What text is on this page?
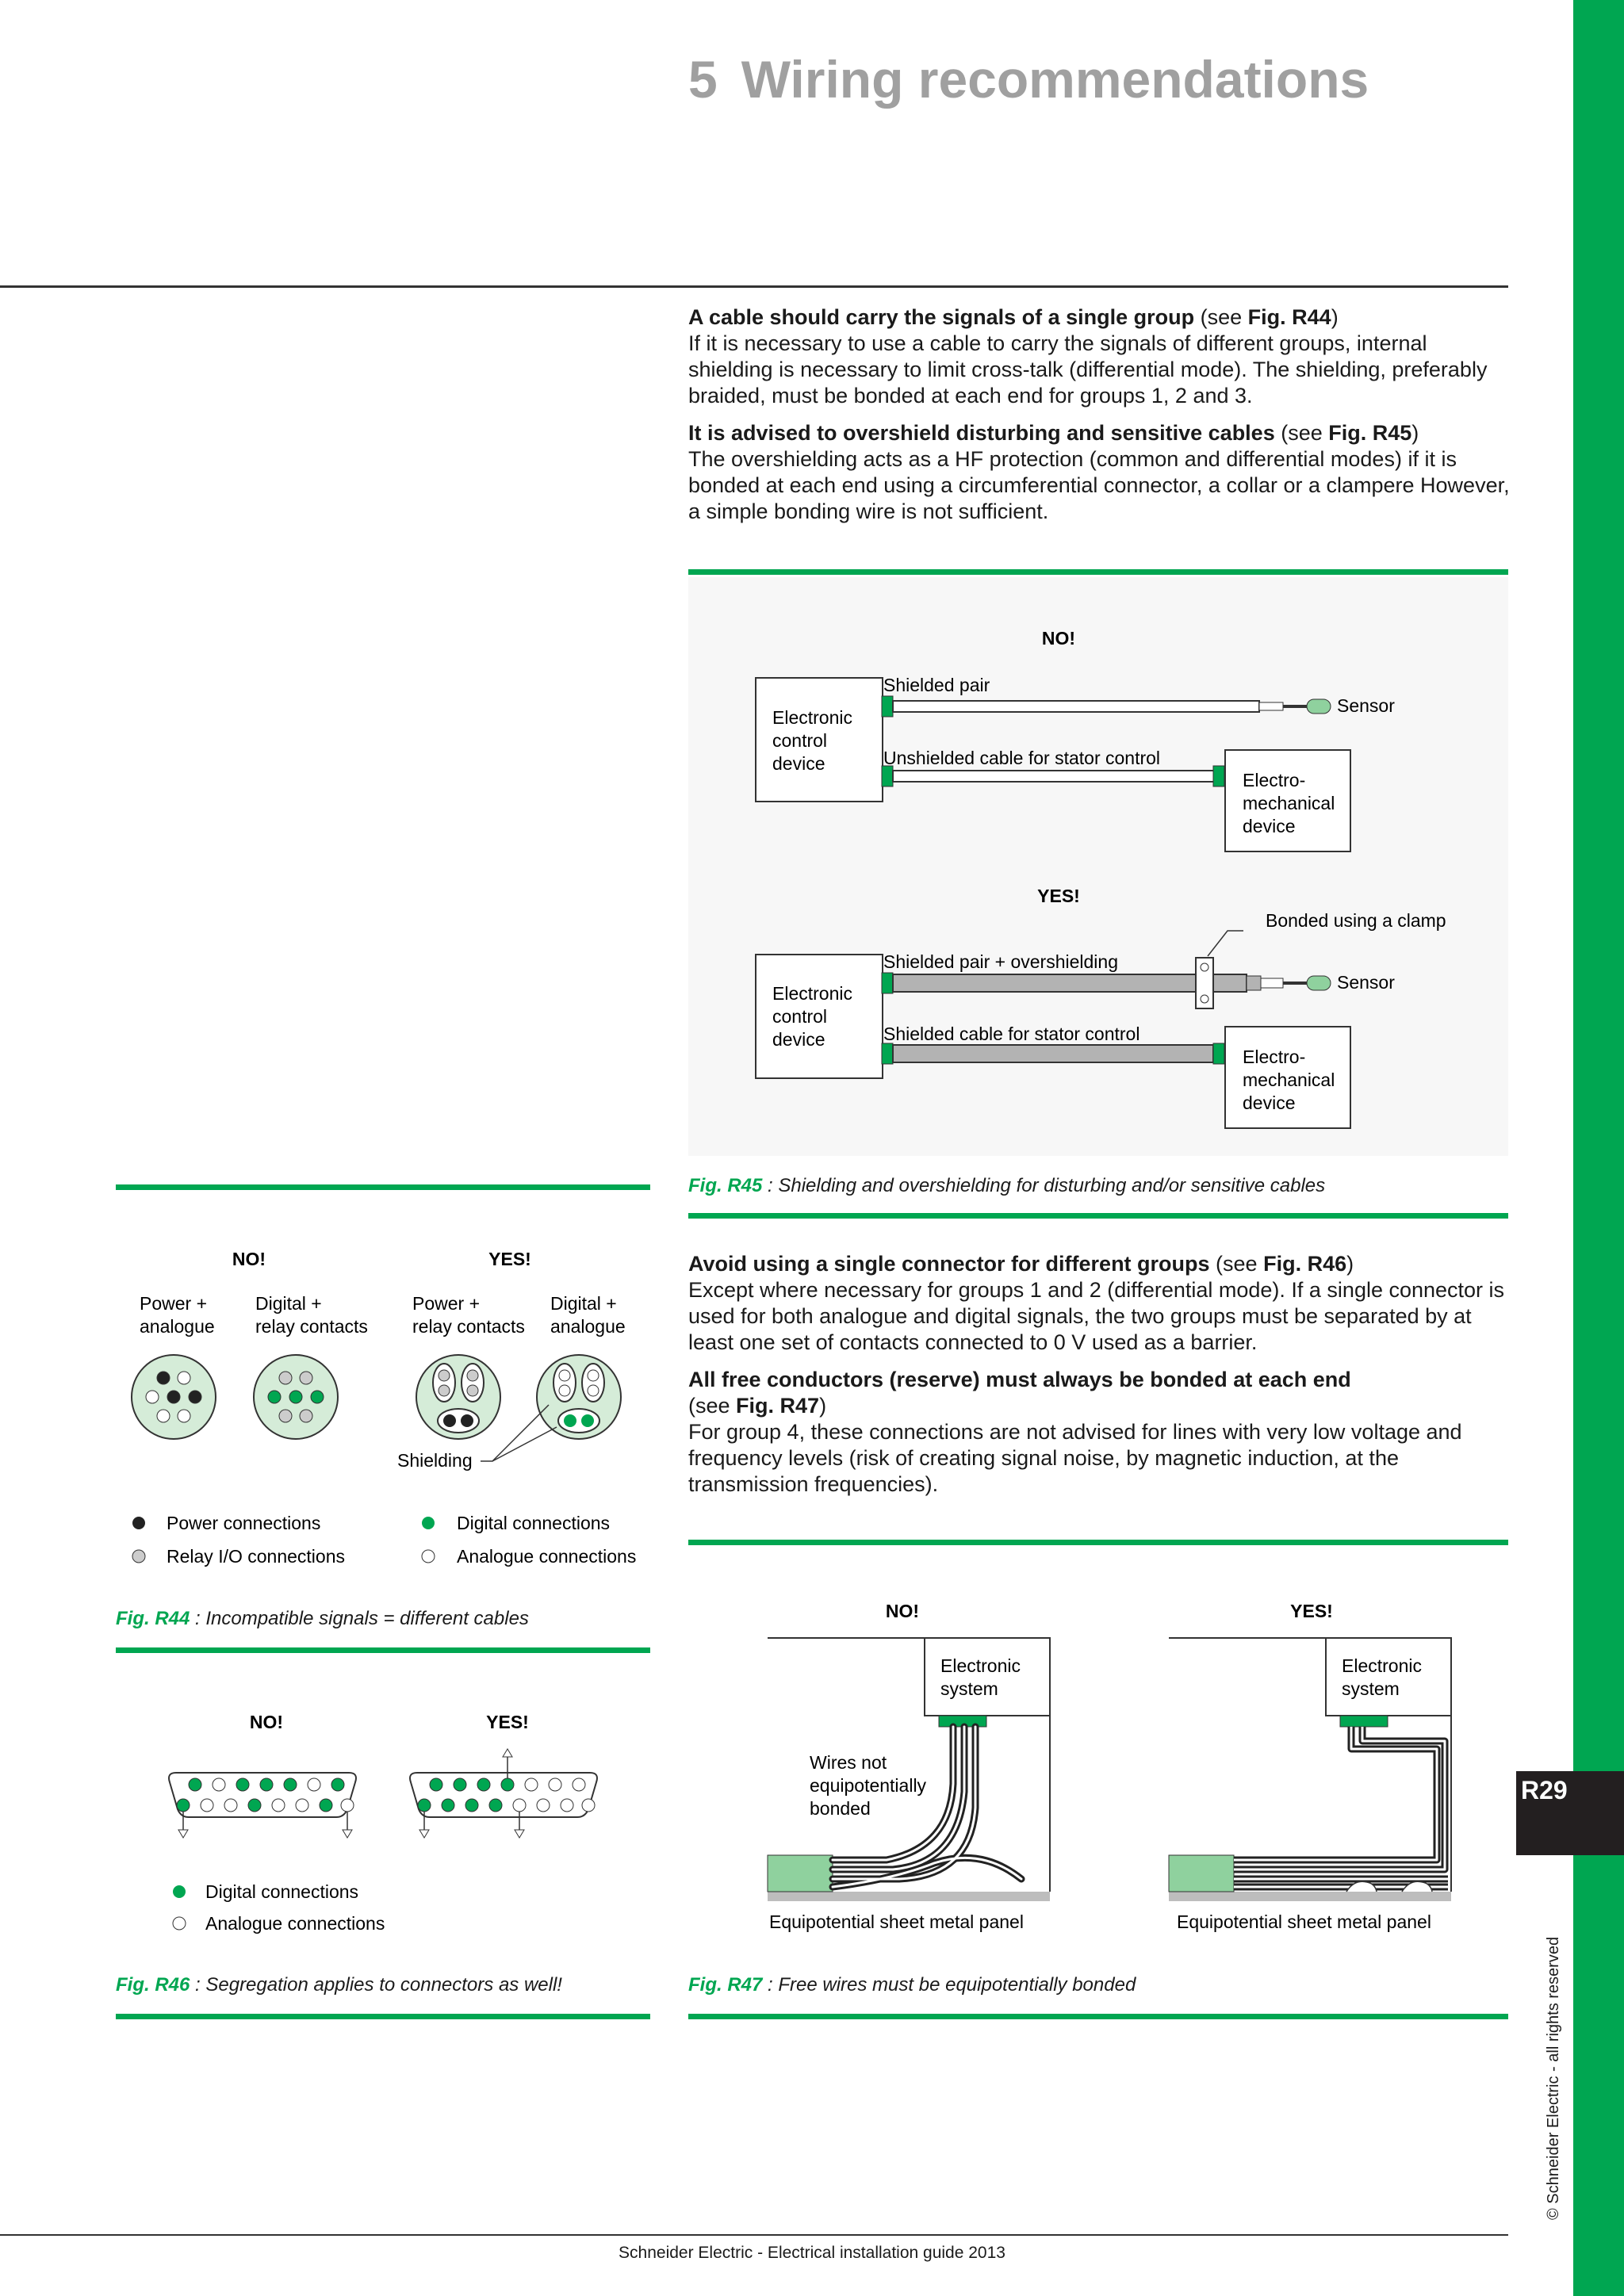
5 Wiring recommendations

A cable should carry the signals of a single group (see Fig. R44)

If it is necessary to use a cable to carry the signals of different groups, internal shielding is necessary to limit cross-talk (differential mode). The shielding, preferably braided, must be bonded at each end for groups 1, 2 and 3.

It is advised to overshield disturbing and sensitive cables (see Fig. R45)

The overshielding acts as a HF protection (common and differential modes) if it is bonded at each end using a circumferential connector, a collar or a clampere However, a simple bonding wire is not sufficient.

NO!
Electronic
control
device
Shielded pair
Sensor
Unshielded cable for stator control
Electro-
mechanical
device
YES!
Electronic
control
device
Shielded pair + overshielding
Sensor
Bonded using a clamp
Shielded cable for stator control
Electro-
mechanical
device
Fig. R45 : Shielding and overshielding for disturbing and/or sensitive cables

Avoid using a single connector for different groups (see Fig. R46)

Except where necessary for groups 1 and 2 (differential mode). If a single connector is used for both analogue and digital signals, the two groups must be separated by at least one set of contacts connected to 0 V used as a barrier.

All free conductors (reserve) must always be bonded at each end
(see Fig. R47)

For group 4, these connections are not advised for lines with very low voltage and frequency levels (risk of creating signal noise, by magnetic induction, at the transmission frequencies).

NO!	YES!
Power +
analogue
Digital +
relay contacts
Power +
relay contacts
Digital +
analogue
Shielding
Power connections
Relay I/O connections
Digital connections
Analogue connections
Fig. R44 : Incompatible signals = different cables
NO!	YES!
Digital connections
Analogue connections
Fig. R46 : Segregation applies to connectors as well!
NO!
Electronic
system
Wires not
equipotentially
bonded
Equipotential sheet metal panel
YES!
Electronic
system
Equipotential sheet metal panel
Fig. R47 : Free wires must be equipotentially bonded
R29
© Schneider Electric - all rights reserved
Schneider Electric - Electrical installation guide 2013
